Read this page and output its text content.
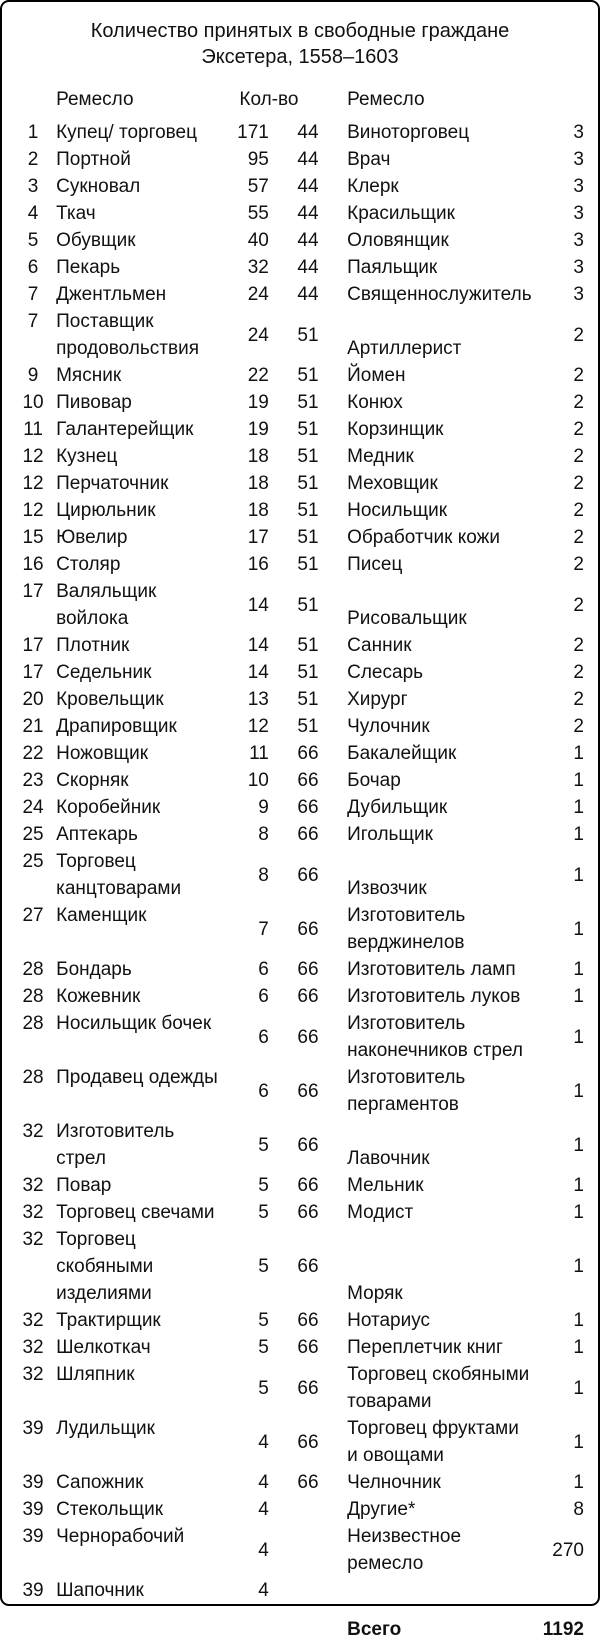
Количество принятых в свободные граждане
Эксетера, 1558–1603
	Ремесло	Кол-во		Ремесло	
1	Купец/ торговец	171	44	Виноторговец	3
2	Портной	95	44	Врач	3
3	Сукновал	57	44	Клерк	3
4	Ткач	55	44	Красильщик	3
5	Обувщик	40	44	Оловянщик	3
6	Пекарь	32	44	Паяльщик	3
7	Джентльмен	24	44	Священнослужитель	3
7	Поставщик продовольствия	24	51	Артиллерист	2
9	Мясник	22	51	Йомен	2
10	Пивовар	19	51	Конюх	2
11	Галантерейщик	19	51	Корзинщик	2
12	Кузнец	18	51	Медник	2
12	Перчаточник	18	51	Меховщик	2
12	Цирюльник	18	51	Носильщик	2
15	Ювелир	17	51	Обработчик кожи	2
16	Столяр	16	51	Писец	2
17	Валяльщик войлока	14	51	Рисовальщик	2
17	Плотник	14	51	Санник	2
17	Седельник	14	51	Слесарь	2
20	Кровельщик	13	51	Хирург	2
21	Драпировщик	12	51	Чулочник	2
22	Ножовщик	11	66	Бакалейщик	1
23	Скорняк	10	66	Бочар	1
24	Коробейник	9	66	Дубильщик	1
25	Аптекарь	8	66	Игольщик	1
25	Торговец канцтоварами	8	66	Извозчик	1
27	Каменщик	7	66	Изготовитель верджинелов	1
28	Бондарь	6	66	Изготовитель ламп	1
28	Кожевник	6	66	Изготовитель луков	1
28	Носильщик бочек	6	66	Изготовитель наконечников стрел	1
28	Продавец одежды	6	66	Изготовитель пергаментов	1
32	Изготовитель стрел	5	66	Лавочник	1
32	Повар	5	66	Мельник	1
32	Торговец свечами	5	66	Модист	1
32	Торговец скобяными изделиями	5	66	Моряк	1
32	Трактирщик	5	66	Нотариус	1
32	Шелкоткач	5	66	Переплетчик книг	1
32	Шляпник	5	66	Торговец скобяными товарами	1
39	Лудильщик	4	66	Торговец фруктами и овощами	1
39	Сапожник	4	66	Челночник	1
39	Стекольщик	4		Другие*	8
39	Чернорабочий	4		Неизвестное ремесло	270
39	Шапочник	4			
				Всего	1192
